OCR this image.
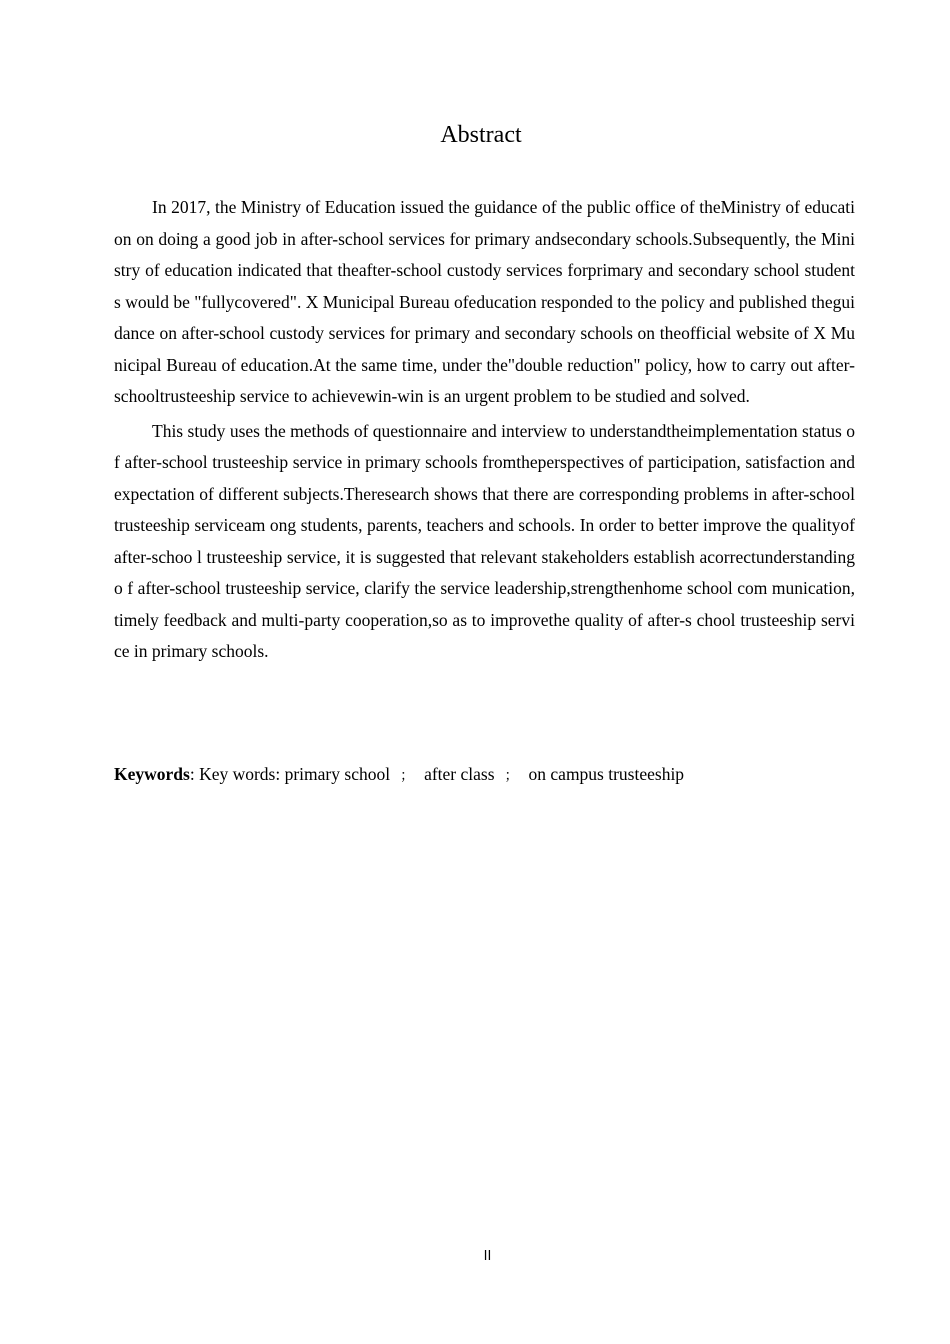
Abstract

In 2017, the Ministry of Education issued the guidance of the public office of theMinistry of education on doing a good job in after-school services for primary andsecondary schools.Subsequently, the Ministry of education indicated that theafter-school custody services forprimary and secondary school students would be "fullycovered". X Municipal Bureau ofeducation responded to the policy and published theguidance on after-school custody services for primary and secondary schools on theofficial website of X Municipal Bureau of education.At the same time, under the"double reduction" policy, how to carry out after-schooltrusteeship service to achievewin-win is an urgent problem to be studied and solved.

This study uses the methods of questionnaire and interview to understandtheimplementation status of after-school trusteeship service in primary schools fromtheperspectives of participation, satisfaction and expectation of different subjects.Theresearch shows that there are corresponding problems in after-school trusteeship serviceam ong students, parents, teachers and schools. In order to better improve the qualityofafter-schoo l trusteeship service, it is suggested that relevant stakeholders establish acorrectunderstanding o f after-school trusteeship service, clarify the service leadership,strengthenhome school com munication, timely feedback and multi-party cooperation,so as to improvethe quality of after-s chool trusteeship service in primary schools.

Keywords: Key words: primary school ； after class ； on campus trusteeship
II
